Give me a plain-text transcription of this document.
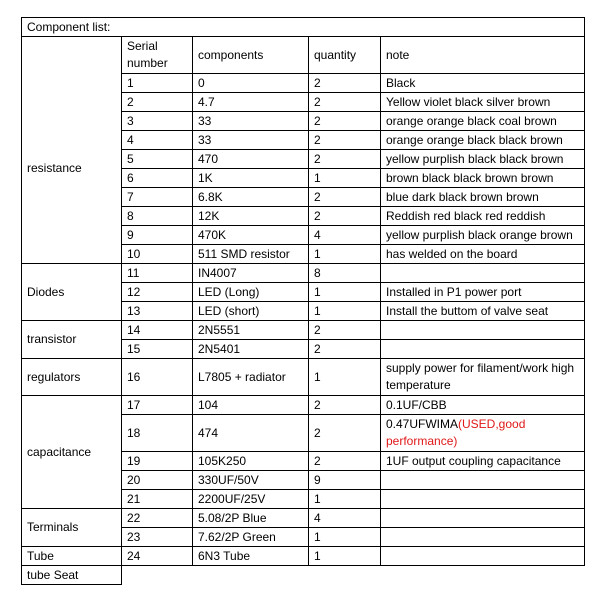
Component list:				
	Serial number	components	quantity	note
resistance	1	0	2	Black
	2	4.7	2	Yellow violet black silver brown
	3	33	2	orange orange black coal brown
	4	33	2	orange orange black black brown
	5	470	2	yellow purplish black black brown
	6	1K	1	brown black black brown brown
	7	6.8K	2	blue dark black brown brown
	8	12K	2	Reddish red black red reddish
	9	470K	4	yellow purplish black orange brown
	10	511 SMD resistor	1	has welded on the board
Diodes	11	IN4007	8	
	12	LED (Long)	1	Installed in P1 power port
	13	LED (short)	1	Install the buttom of valve seat
transistor	14	2N5551	2	
	15	2N5401	2	
regulators	16	L7805 + radiator	1	supply power for filament/work high temperature
capacitance	17	104	2	0.1UF/CBB
	18	474	2	0.47UFWIMA(USED,good performance)
	19	105K250	2	1UF output coupling capacitance
	20	330UF/50V	9	
	21	2200UF/25V	1	
Terminals	22	5.08/2P Blue	4	
	23	7.62/2P Green	1	
Tube	24	6N3 Tube	1	
tube Seat				
